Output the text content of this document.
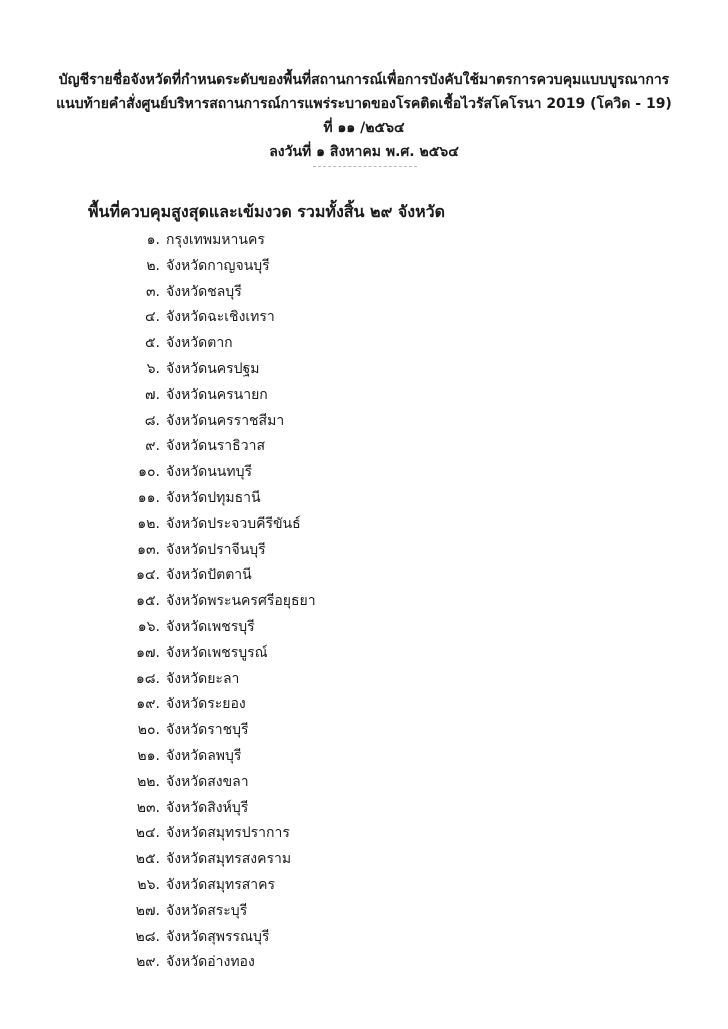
บัญชีรายชื่อจังหวัดที่กำหนดระดับของพื้นที่สถานการณ์เพื่อการบังคับใช้มาตรการควบคุมแบบบูรณาการ
แนบท้ายคำสั่งศูนย์บริหารสถานการณ์การแพร่ระบาดของโรคติดเชื้อไวรัสโคโรนา 2019 (โควิด - 19)
ที่ ๑๑ /๒๕๖๔
ลงวันที่ ๑ สิงหาคม พ.ศ. ๒๕๖๔
พื้นที่ควบคุมสูงสุดและเข้มงวด รวมทั้งสิ้น ๒๙ จังหวัด
๑. กรุงเทพมหานคร
๒. จังหวัดกาญจนบุรี
๓. จังหวัดชลบุรี
๔. จังหวัดฉะเชิงเทรา
๕. จังหวัดตาก
๖. จังหวัดนครปฐม
๗. จังหวัดนครนายก
๘. จังหวัดนครราชสีมา
๙. จังหวัดนราธิวาส
๑๐. จังหวัดนนทบุรี
๑๑. จังหวัดปทุมธานี
๑๒. จังหวัดประจวบคีรีขันธ์
๑๓. จังหวัดปราจีนบุรี
๑๔. จังหวัดปัตตานี
๑๕. จังหวัดพระนครศรีอยุธยา
๑๖. จังหวัดเพชรบุรี
๑๗. จังหวัดเพชรบูรณ์
๑๘. จังหวัดยะลา
๑๙. จังหวัดระยอง
๒๐. จังหวัดราชบุรี
๒๑. จังหวัดลพบุรี
๒๒. จังหวัดสงขลา
๒๓. จังหวัดสิงห์บุรี
๒๔. จังหวัดสมุทรปราการ
๒๕. จังหวัดสมุทรสงคราม
๒๖. จังหวัดสมุทรสาคร
๒๗. จังหวัดสระบุรี
๒๘. จังหวัดสุพรรณบุรี
๒๙. จังหวัดอ่างทอง
